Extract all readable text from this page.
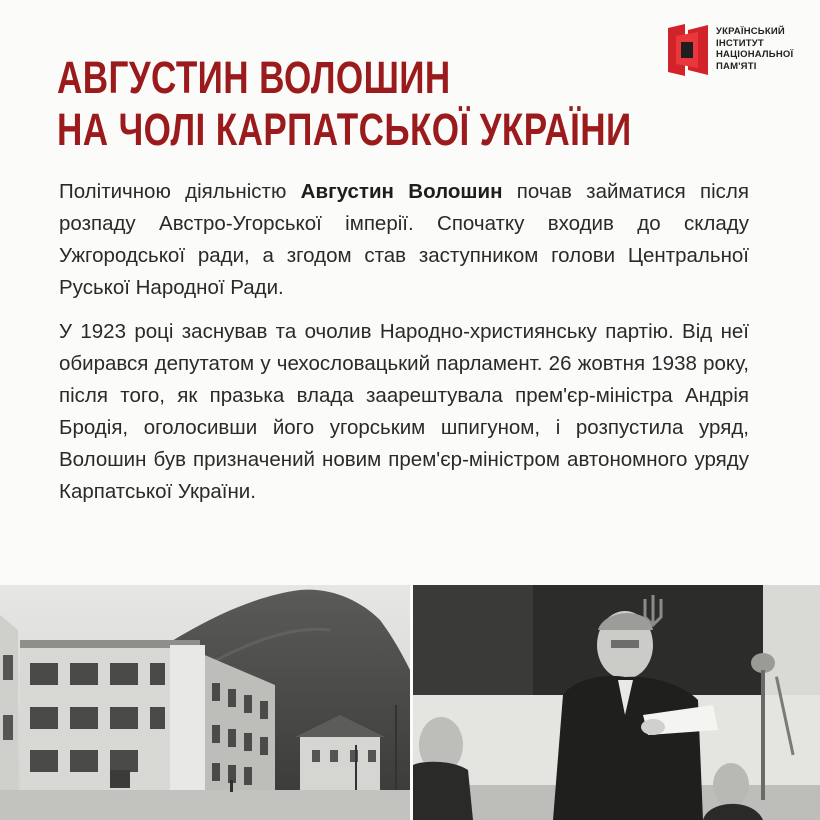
АВГУСТИН ВОЛОШИН
НА ЧОЛІ КАРПАТСЬКОЇ УКРАЇНИ
УКРАЇНСЬКИЙ
ІНСТИТУТ
НАЦІОНАЛЬНОЇ
ПАМ'ЯТІ

Політичною діяльністю Августин Волошин почав займатися після розпаду Австро-Угорської імперії. Спочатку входив до складу Ужгородської ради, а згодом став заступником голови Центральної Руської Народної Ради.

У 1923 році заснував та очолив Народно-християнську партію. Від неї обирався депутатом у чехословацький парламент. 26 жовтня 1938 року, після того, як празька влада заарештувала прем'єр-міністра Андрія Бродія, оголосивши його угорським шпигуном, і розпустила уряд, Волошин був призначений новим прем'єр-міністром автономного уряду Карпатської України.
